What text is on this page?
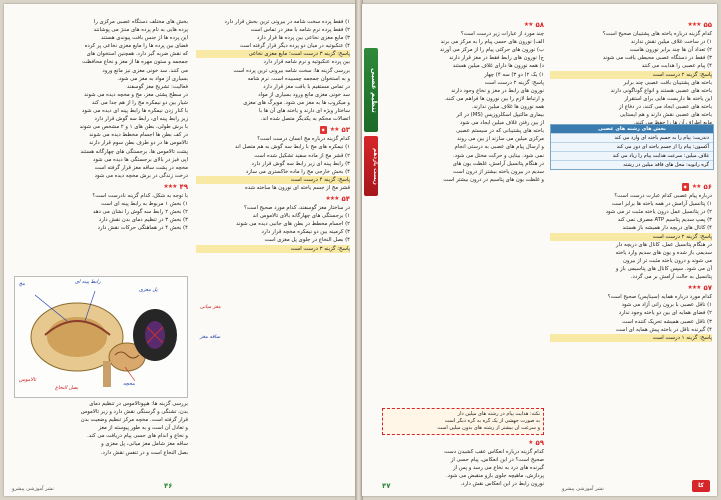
بخش های مختلف دستگاه عصبی مرکزی را
پرده هایی به نام پرده های مننژ می پوشانند
این پرده ها از جنس بافت پیوندی هستند
فضای بین پرده ها را مایع مغزی نخاعی پر کرده
که نقش ضربه گیر دارد. همچنین استخوان های
جمجمه و ستون مهره ها از مغز و نخاع محافظت
می کنند. سد خونی مغزی نیز مانع ورود
بسیاری از مواد به مغز می شود.
فعالیت: تشریح مغز گوسفند
در سطح پشتی مغز، مخ و مخچه دیده می شوند
شیار بین دو نیمکره مخ را از هم جدا می کند
با کنار زدن نیمکره ها رابط پینه ای دیده می شود
زیر رابط پینه ای، رابط سه گوش قرار دارد
با برش طولی، بطن های ۱ و ۲ مشخص می شوند
در کف بطن ها اجسام مخطط دیده می شوند
تالاموس ها در دو طرف بطن سوم قرار دارند
پشت تالاموس ها، برجستگی های چهارگانه هستند
اپی فیز در بالای برجستگی ها دیده می شود
مخچه در پشت ساقه مغز قرار گرفته است
درخت زندگی در برش مخچه دیده می شود
۴۹
★★★
با توجه به شکل، کدام گزینه نادرست است؟
۱) بخش ۱ مربوط به رابط پینه ای است
۲) بخش ۲ رابط سه گوش را نشان می دهد
۳) بخش ۳ در تنظیم دمای بدن نقش دارد
۴) بخش ۴ در هماهنگی حرکات نقش دارد
مخ	رابط پینه ای
تالاموس
مخچه
بصل النخاع
پل مغزی
بررسی گزینه ها: هیپوتالاموس در تنظیم دمای
بدن، تشنگی و گرسنگی نقش دارد و زیر تالاموس
قرار گرفته است. مخچه مرکز تنظیم وضعیت بدن
و تعادل آن است و به طور پیوسته از مغز
و نخاع و اندام های حسی پیام دریافت می کند.
ساقه مغز شامل مغز میانی، پل مغزی و
بصل النخاع است و در تنفس نقش دارد.
۱) فقط پرده سخت شامه در بیرونی ترین بخش قرار دارد
۲) فقط پرده نرم شامه با مغز در تماس است
۳) مایع مغزی نخاعی بین پرده ها قرار دارد
۴) عنکبوتیه در میان دو پرده دیگر قرار گرفته است
پاسخ: گزینه ۳ درست است؛ مایع مغزی نخاعی
بین پرده عنکبوتیه و نرم شامه قرار دارد
بررسی گزینه ها: سخت شامه بیرونی ترین پرده است
و به استخوان جمجمه چسبیده است. نرم شامه
در تماس مستقیم با بافت مغز قرار دارد
سد خونی مغزی مانع ورود بسیاری از مواد
و میکروب ها به مغز می شود. مویرگ های مغزی
ساختار ویژه ای دارند و یاخته های آن ها با
اتصالات محکم به یکدیگر متصل شده اند.
۵۳
★★
◆
کدام گزینه درباره مخ انسان درست است؟
۱) نیمکره های مخ با رابط سه گوش به هم متصل اند
۲) قشر مخ از ماده سفید تشکیل شده است
۳) رابط پینه ای زیر رابط سه گوش قرار دارد
۴) بخش خارجی مخ را ماده خاکستری می سازد
پاسخ: گزینه ۴ درست است
قشر مخ از جسم یاخته ای نورون ها ساخته شده
۵۴
★★★
در ساختار مغز گوسفند، کدام مورد صحیح است؟
۱) برجستگی های چهارگانه بالای تالاموس اند
۲) اجسام مخطط در بطن های جانبی دیده می شوند
۳) کرمینه بین دو نیمکره مخچه قرار دارد
۴) بصل النخاع در جلوی پل مغزی است
پاسخ: گزینه ۳ درست است
مغز میانی
ساقه مغز
۴۶
نشر آموزشی پیشرو
تنظیم عصبی
زیست یازدهم
۵۸
★★
چند مورد از عبارات زیر درست است؟
الف) نورون های حسی پیام را به مرکز می برند
ب) نورون های حرکتی پیام را از مرکز می آورند
ج) نورون های رابط فقط در مغز قرار دارند
د) همه نورون ها دارای غلاف میلین هستند
۱) یک ۲) دو ۳) سه ۴) چهار
پاسخ: گزینه ۲ درست است
نورون های رابط در مغز و نخاع وجود دارند
و ارتباط لازم را بین نورون ها فراهم می کنند.
همه نورون ها غلاف میلین ندارند.
بیماری مالتیپل اسکلروزیس (MS) در اثر
از بین رفتن غلاف میلین ایجاد می شود
یاخته های پشتیبانی که در سیستم عصبی
مرکزی میلین می سازند از بین می روند
و ارسال پیام های عصبی به درستی انجام
نمی شود. بینایی و حرکت مختل می شود.
در هنگام پتانسیل آرامش، غلظت یون های
سدیم در بیرون یاخته بیشتر از درون است
و غلظت یون های پتاسیم در درون بیشتر است
نکته: هدایت پیام در رشته های میلین دار
به صورت جهشی از یک گره به گره دیگر است
و سرعت آن بیشتر از رشته های بدون میلین است
۵۹
★
کدام گزینه درباره انعکاس عقب کشیدن دست
صحیح است؟ در این انعکاس، پیام حسی از
گیرنده های درد به نخاع می رسد و پس از
پردازش، ماهیچه جلوی بازو منقبض می شود.
نورون رابط در این انعکاس نقش دارد.
۵۵
★★★
کدام گزینه درباره یاخته های پشتیبان صحیح است؟
۱) در ساخت غلاف میلین نقش ندارند
۲) تعداد آن ها چند برابر نورون هاست
۳) فقط در دستگاه عصبی محیطی یافت می شوند
۴) پیام عصبی را هدایت می کنند
پاسخ: گزینه ۲ درست است
یاخته های پشتیبان بافت عصبی چند برابر
یاخته های عصبی هستند و انواع گوناگونی دارند
این یاخته ها داربست هایی برای استقرار
یاخته های عصبی ایجاد می کنند، در دفاع از
یاخته های عصبی نقش دارند و هم ایستایی
بخش های رشته های عصبی
دندریت: پیام را به جسم یاخته ای وارد می کند
آکسون: پیام را از جسم یاخته ای دور می کند
غلاف میلین: سرعت هدایت پیام را زیاد می کند
گره رانویه: محل های فاقد میلین در رشته
۵۶
★★
◆
درباره پیام عصبی کدام عبارت درست است؟
۱) پتانسیل آرامش در همه یاخته ها برابر است
۲) در پتانسیل عمل درون یاخته مثبت تر می شود
۳) پمپ سدیم پتاسیم ATP مصرف نمی کند
۴) کانال های دریچه دار همیشه باز هستند
پاسخ: گزینه ۲ درست است
در هنگام پتانسیل عمل، کانال های دریچه دار
سدیمی باز شده و یون های سدیم وارد یاخته
می شوند و درون یاخته مثبت تر از بیرون
آن می شود. سپس کانال های پتاسیمی باز و
پتانسیل به حالت آرامش بر می گردد.
۵۷
★★★
کدام مورد درباره همایه (سیناپس) صحیح است؟
۱) ناقل عصبی با برون رانی آزاد می شود
۲) فضای همایه ای بین دو یاخته وجود ندارد
۳) ناقل عصبی همیشه تحریک کننده است
۴) گیرنده ناقل در یاخته پیش همایه ای است
پاسخ: گزینه ۱ درست است
۴۷	کا
نشر آموزشی پیشرو
